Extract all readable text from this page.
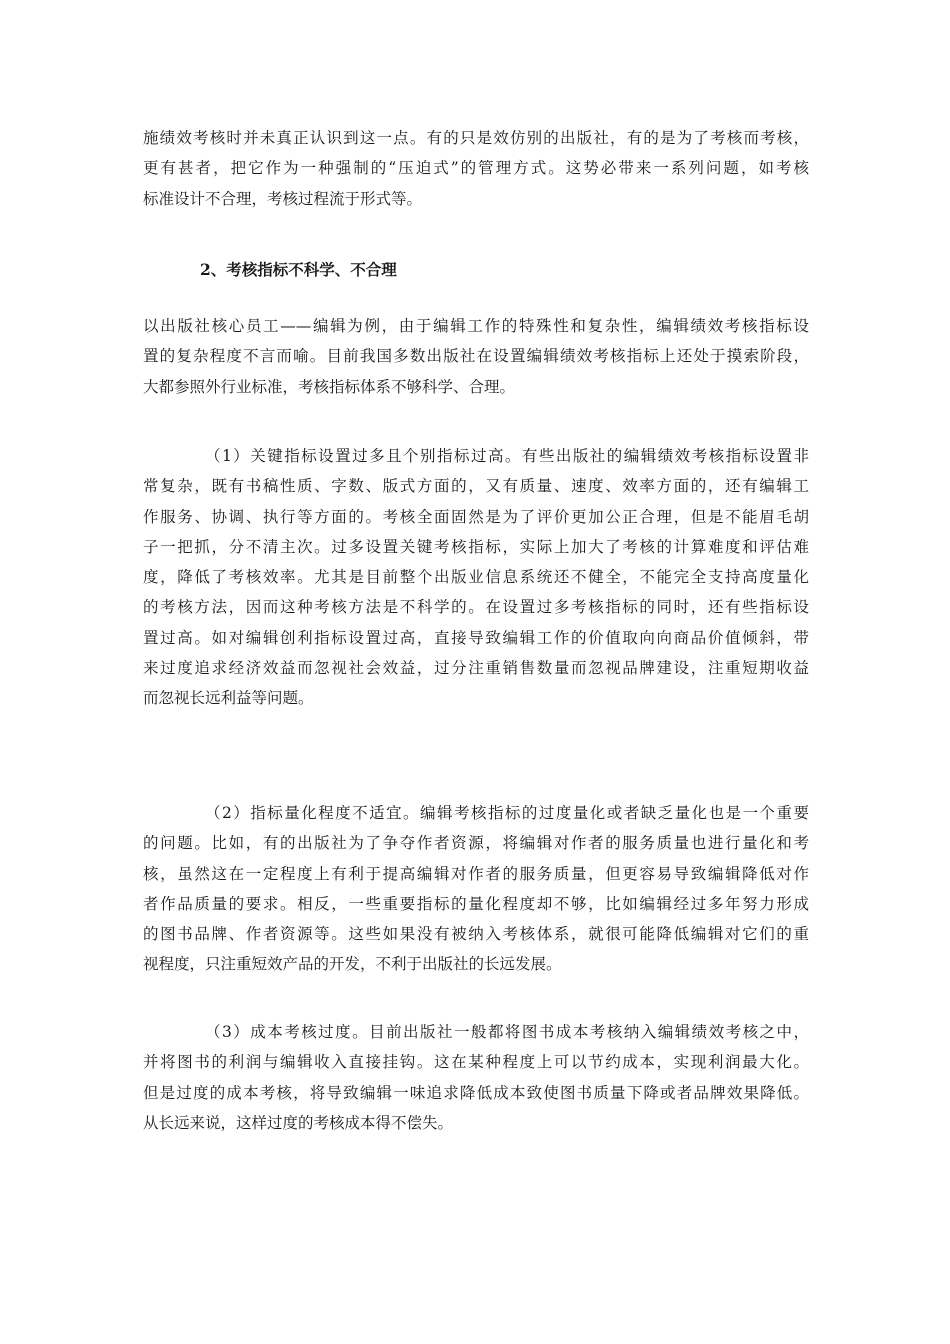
施绩效考核时并未真正认识到这一点。有的只是效仿别的出版社，有的是为了考核而考核，
更有甚者，把它作为一种强制的“压迫式”的管理方式。这势必带来一系列问题，如考核
标准设计不合理，考核过程流于形式等。
2、考核指标不科学、不合理
以出版社核心员工——编辑为例，由于编辑工作的特殊性和复杂性，编辑绩效考核指标设
置的复杂程度不言而喻。目前我国多数出版社在设置编辑绩效考核指标上还处于摸索阶段，
大都参照外行业标准，考核指标体系不够科学、合理。
（1）关键指标设置过多且个别指标过高。有些出版社的编辑绩效考核指标设置非
常复杂，既有书稿性质、字数、版式方面的，又有质量、速度、效率方面的，还有编辑工
作服务、协调、执行等方面的。考核全面固然是为了评价更加公正合理，但是不能眉毛胡
子一把抓，分不清主次。过多设置关键考核指标，实际上加大了考核的计算难度和评估难
度，降低了考核效率。尤其是目前整个出版业信息系统还不健全，不能完全支持高度量化
的考核方法，因而这种考核方法是不科学的。在设置过多考核指标的同时，还有些指标设
置过高。如对编辑创利指标设置过高，直接导致编辑工作的价值取向向商品价值倾斜，带
来过度追求经济效益而忽视社会效益，过分注重销售数量而忽视品牌建设，注重短期收益
而忽视长远利益等问题。
（2）指标量化程度不适宜。编辑考核指标的过度量化或者缺乏量化也是一个重要
的问题。比如，有的出版社为了争夺作者资源，将编辑对作者的服务质量也进行量化和考
核，虽然这在一定程度上有利于提高编辑对作者的服务质量，但更容易导致编辑降低对作
者作品质量的要求。相反，一些重要指标的量化程度却不够，比如编辑经过多年努力形成
的图书品牌、作者资源等。这些如果没有被纳入考核体系，就很可能降低编辑对它们的重
视程度，只注重短效产品的开发，不利于出版社的长远发展。
（3）成本考核过度。目前出版社一般都将图书成本考核纳入编辑绩效考核之中，
并将图书的利润与编辑收入直接挂钩。这在某种程度上可以节约成本，实现利润最大化。
但是过度的成本考核，将导致编辑一味追求降低成本致使图书质量下降或者品牌效果降低。
从长远来说，这样过度的考核成本得不偿失。
